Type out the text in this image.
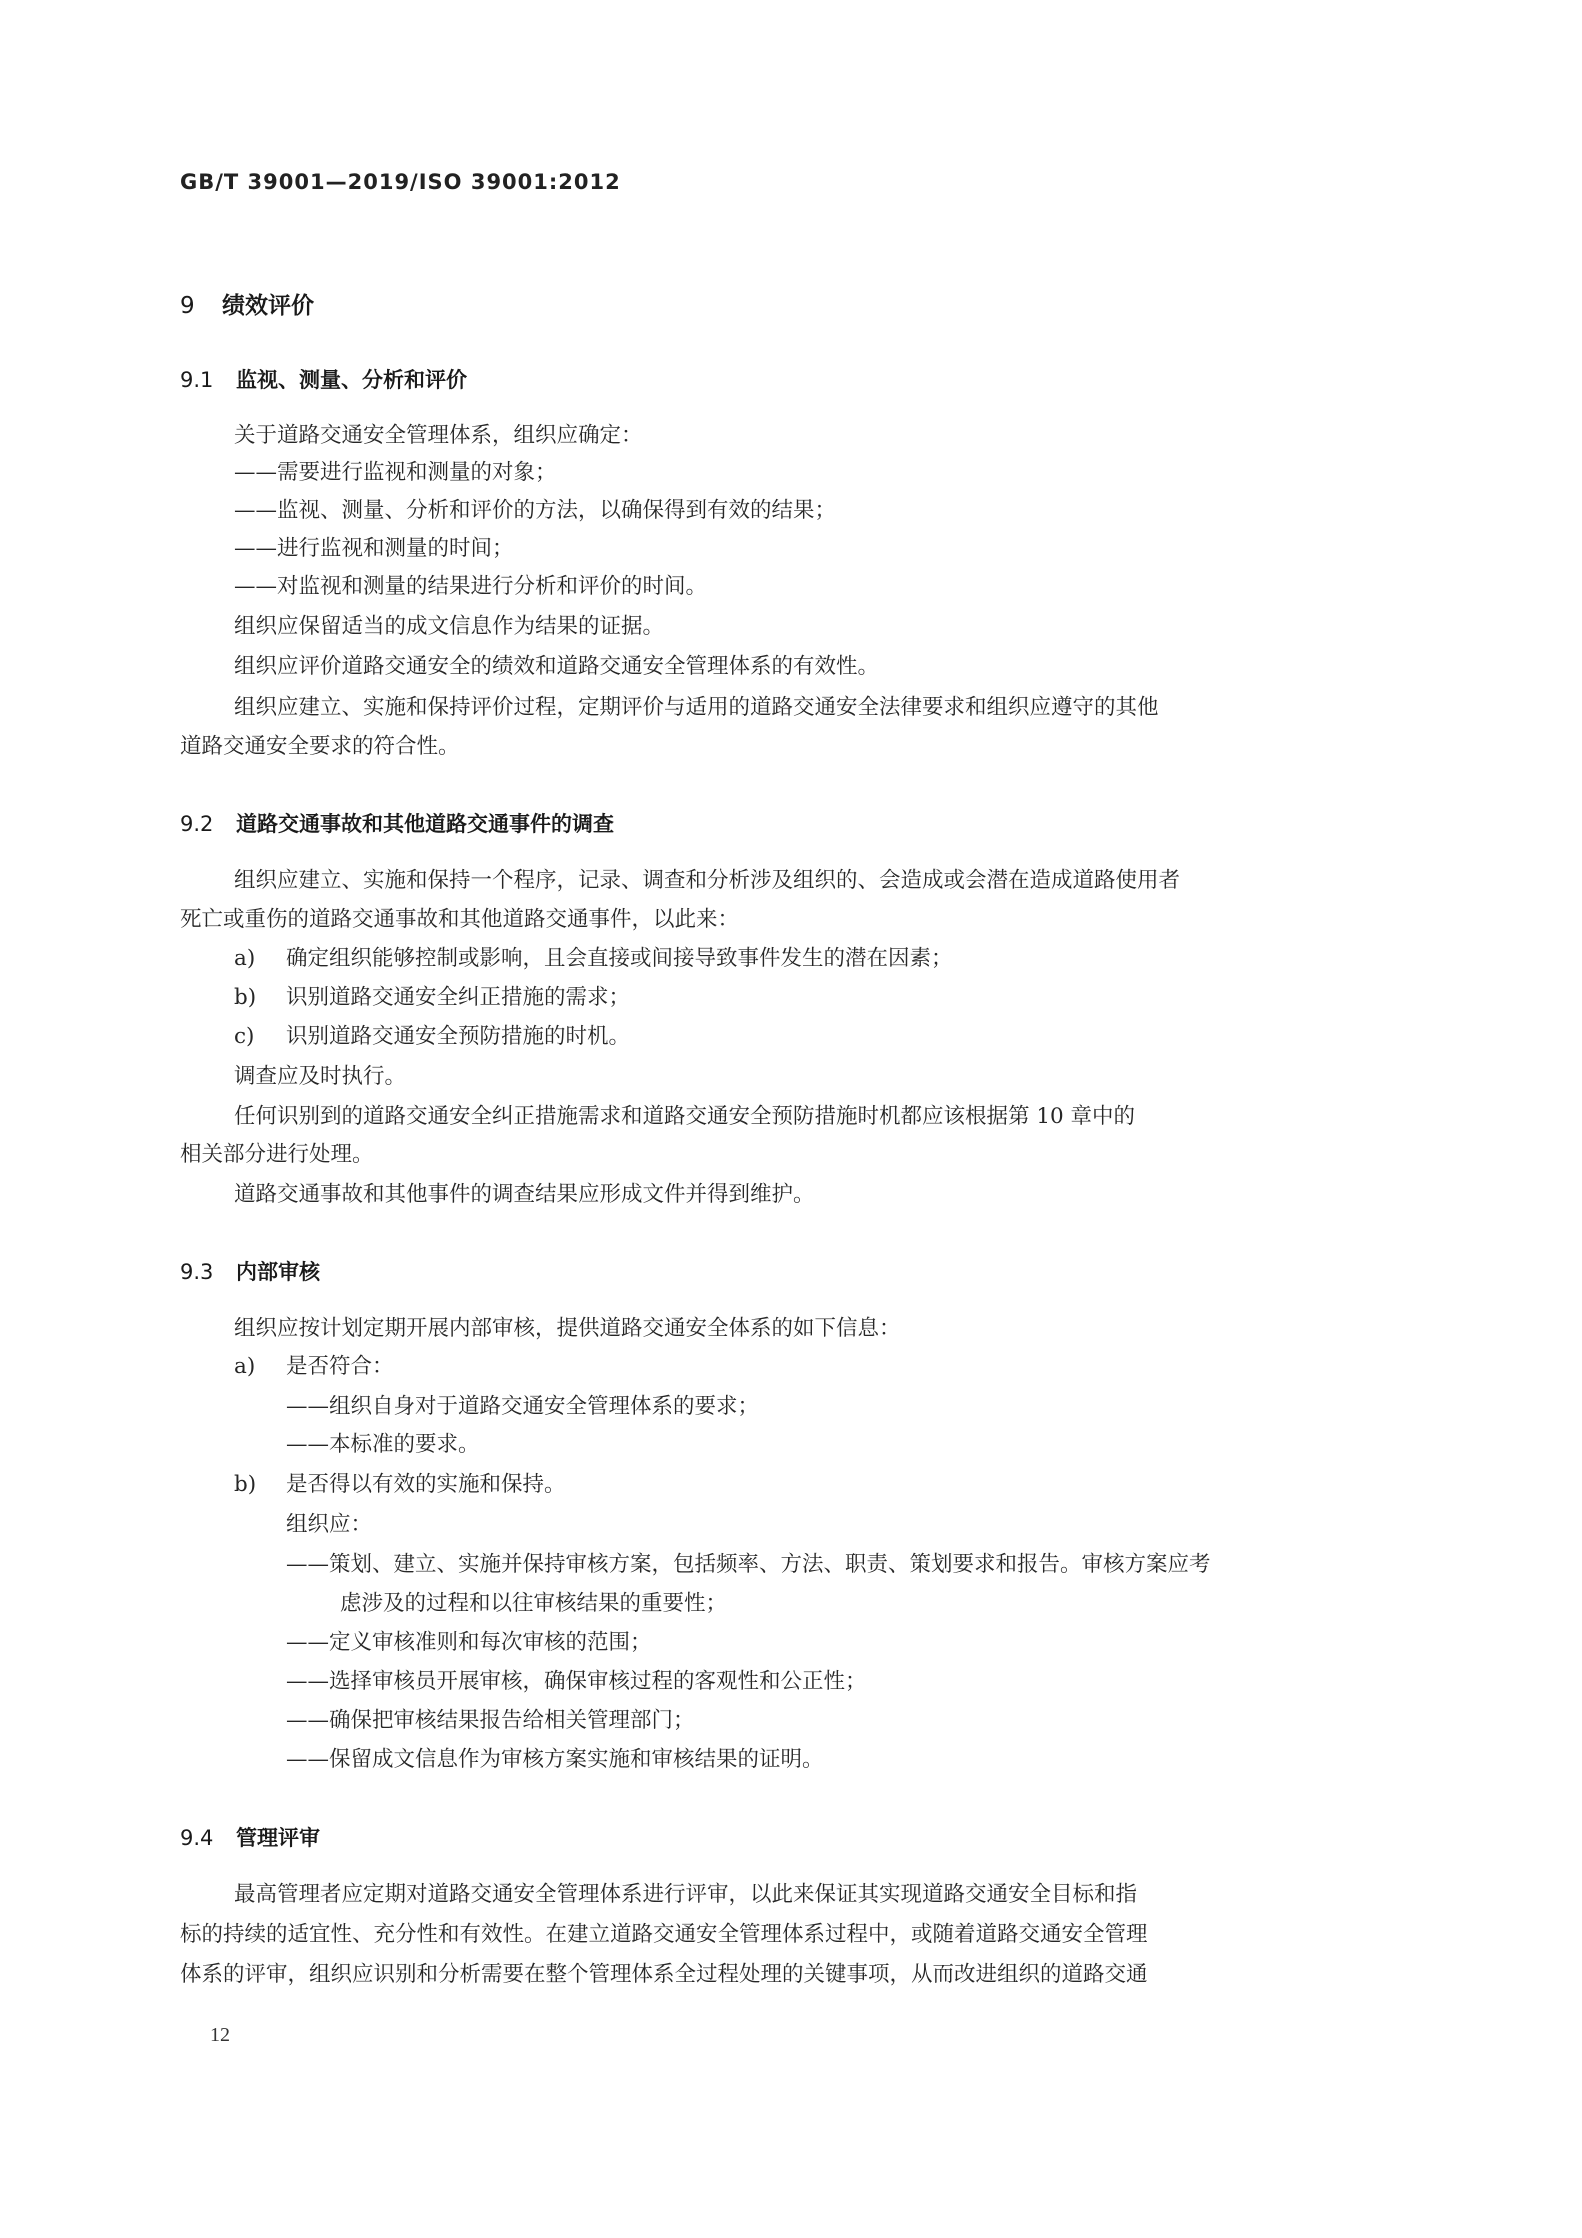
GB/T 39001—2019/ISO 39001:2012
9 绩效评价
9.1 监视、测量、分析和评价
关于道路交通安全管理体系，组织应确定：
——需要进行监视和测量的对象；
——监视、测量、分析和评价的方法，以确保得到有效的结果；
——进行监视和测量的时间；
——对监视和测量的结果进行分析和评价的时间。
组织应保留适当的成文信息作为结果的证据。
组织应评价道路交通安全的绩效和道路交通安全管理体系的有效性。
组织应建立、实施和保持评价过程，定期评价与适用的道路交通安全法律要求和组织应遵守的其他
道路交通安全要求的符合性。
9.2 道路交通事故和其他道路交通事件的调查
组织应建立、实施和保持一个程序，记录、调查和分析涉及组织的、会造成或会潜在造成道路使用者
死亡或重伤的道路交通事故和其他道路交通事件，以此来：
a) 确定组织能够控制或影响，且会直接或间接导致事件发生的潜在因素；
b) 识别道路交通安全纠正措施的需求；
c) 识别道路交通安全预防措施的时机。
调查应及时执行。
任何识别到的道路交通安全纠正措施需求和道路交通安全预防措施时机都应该根据第 10 章中的
相关部分进行处理。
道路交通事故和其他事件的调查结果应形成文件并得到维护。
9.3 内部审核
组织应按计划定期开展内部审核，提供道路交通安全体系的如下信息：
a) 是否符合：
——组织自身对于道路交通安全管理体系的要求；
——本标准的要求。
b) 是否得以有效的实施和保持。
组织应：
——策划、建立、实施并保持审核方案，包括频率、方法、职责、策划要求和报告。审核方案应考
虑涉及的过程和以往审核结果的重要性；
——定义审核准则和每次审核的范围；
——选择审核员开展审核，确保审核过程的客观性和公正性；
——确保把审核结果报告给相关管理部门；
——保留成文信息作为审核方案实施和审核结果的证明。
9.4 管理评审
最高管理者应定期对道路交通安全管理体系进行评审，以此来保证其实现道路交通安全目标和指
标的持续的适宜性、充分性和有效性。在建立道路交通安全管理体系过程中，或随着道路交通安全管理
体系的评审，组织应识别和分析需要在整个管理体系全过程处理的关键事项，从而改进组织的道路交通
12
